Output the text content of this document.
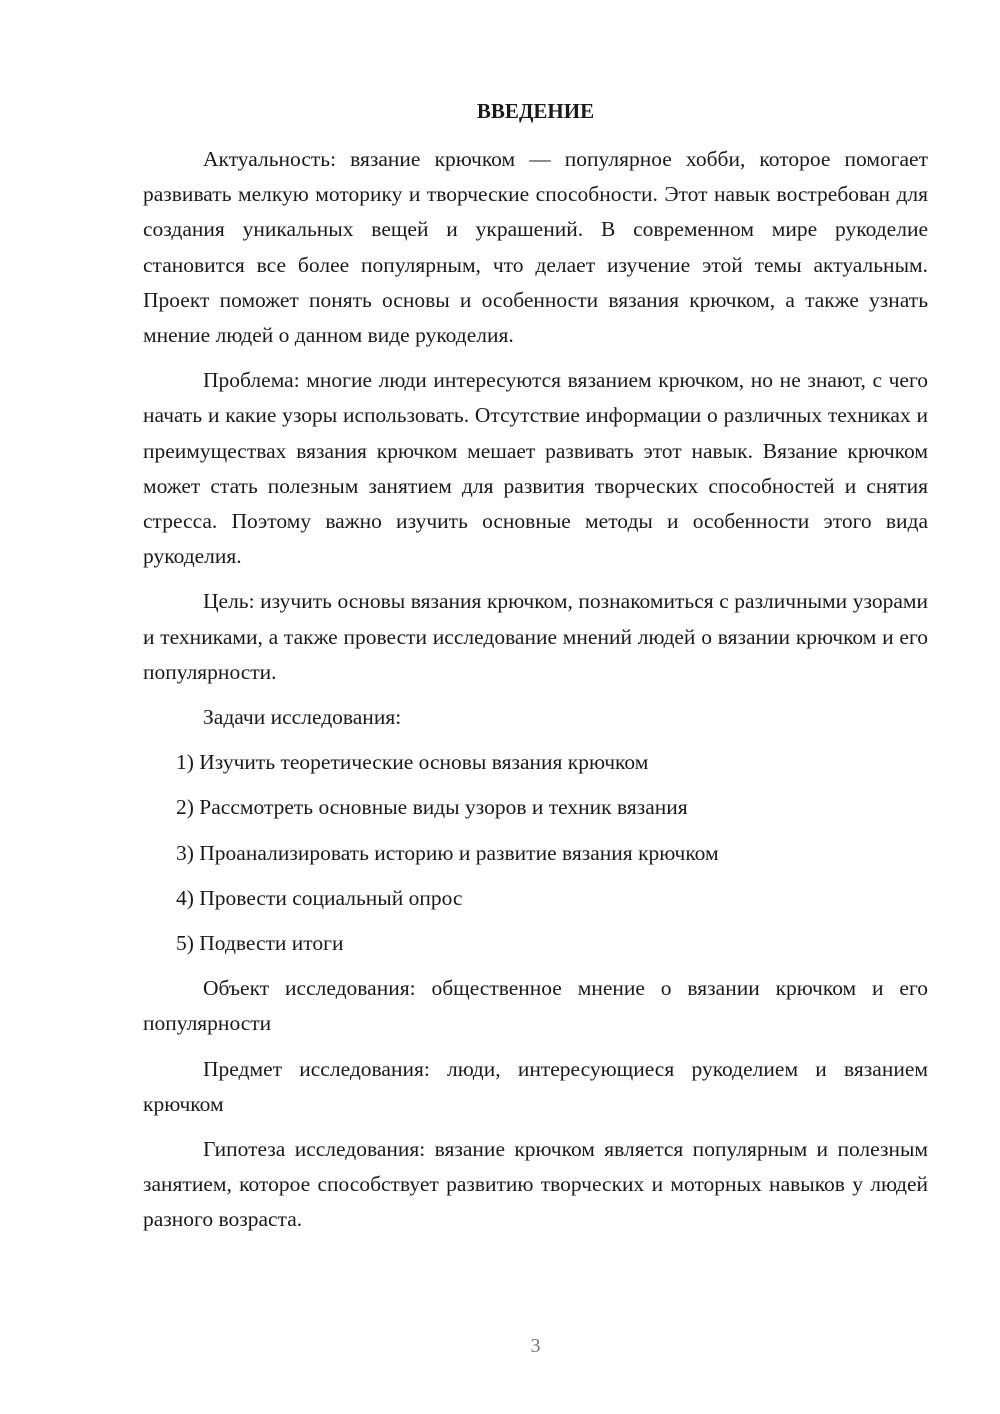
ВВЕДЕНИЕ

Актуальность: вязание крючком — популярное хобби, которое помогает развивать мелкую моторику и творческие способности. Этот навык востребован для создания уникальных вещей и украшений. В современном мире рукоделие становится все более популярным, что делает изучение этой темы актуальным. Проект поможет понять основы и особенности вязания крючком, а также узнать мнение людей о данном виде рукоделия.

Проблема: многие люди интересуются вязанием крючком, но не знают, с чего начать и какие узоры использовать. Отсутствие информации о различных техниках и преимуществах вязания крючком мешает развивать этот навык. Вязание крючком может стать полезным занятием для развития творческих способностей и снятия стресса. Поэтому важно изучить основные методы и особенности этого вида рукоделия.

Цель: изучить основы вязания крючком, познакомиться с различными узорами и техниками, а также провести исследование мнений людей о вязании крючком и его популярности.

Задачи исследования:

1) Изучить теоретические основы вязания крючком
2) Рассмотреть основные виды узоров и техник вязания
3) Проанализировать историю и развитие вязания крючком
4) Провести социальный опрос
5) Подвести итоги

Объект исследования: общественное мнение о вязании крючком и его популярности

Предмет исследования: люди, интересующиеся рукоделием и вязанием крючком

Гипотеза исследования: вязание крючком является популярным и полезным занятием, которое способствует развитию творческих и моторных навыков у людей разного возраста.

3
